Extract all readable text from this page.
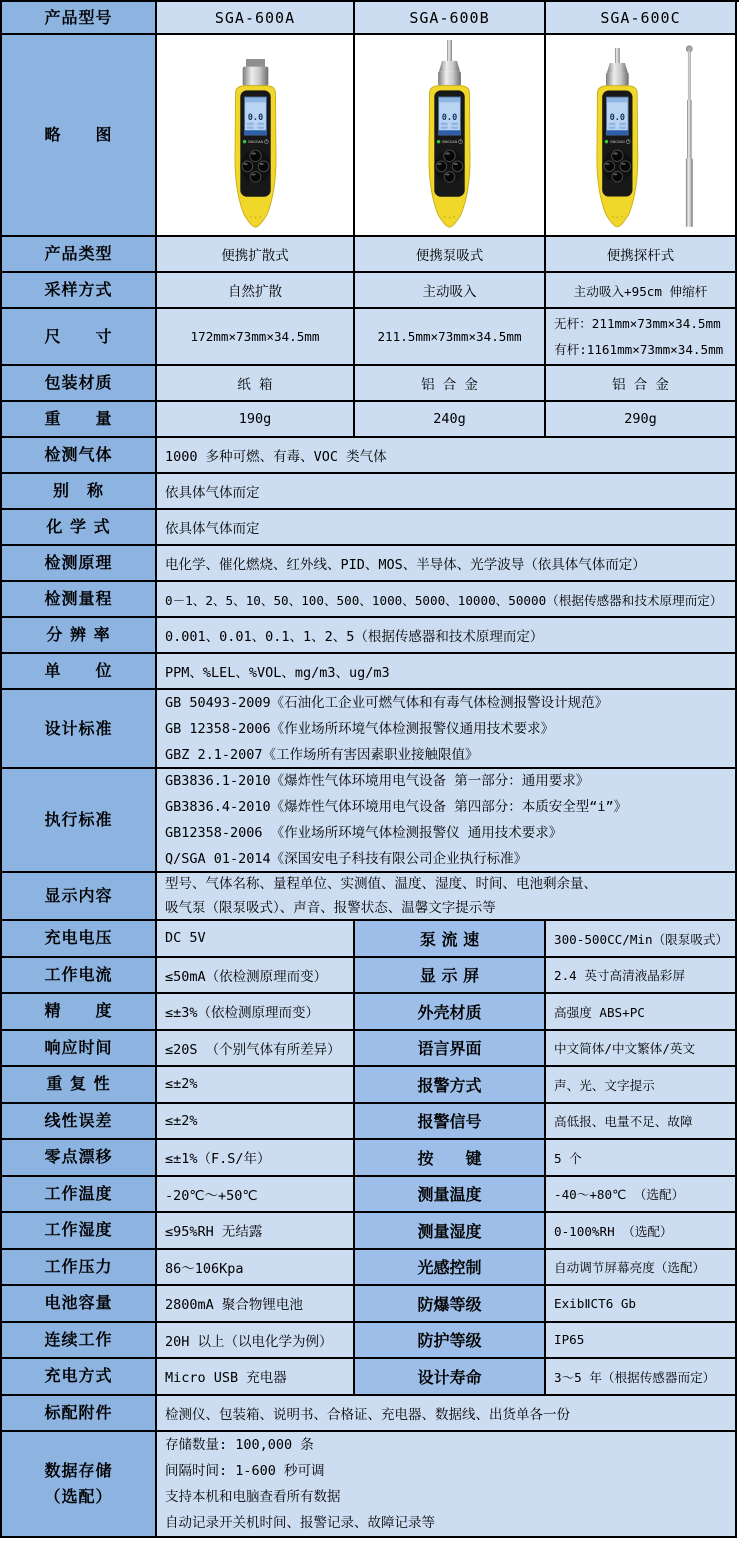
产品型号	SGA-600A	SGA-600B	SGA-600C
略　　图
0.0
SINGOAN
0.0
SINGOAN
0.0
SINGOAN
产品类型	便携扩散式	便携泵吸式	便携探杆式
采样方式	自然扩散	主动吸入	主动吸入+95cm 伸缩杆
尺　　寸	172mm×73mm×34.5mm	211.5mm×73mm×34.5mm
无杆：211mm×73mm×34.5mm
有杆:1161mm×73mm×34.5mm
包装材质	纸 箱	铝 合 金	铝 合 金
重　　量	190g	240g	290g
检测气体	1000 多种可燃、有毒、VOC 类气体
别　称	依具体气体而定
化 学 式	依具体气体而定
检测原理	电化学、催化燃烧、红外线、PID、MOS、半导体、光学波导（依具体气体而定）
检测量程	0－1、2、5、10、50、100、500、1000、5000、10000、50000（根据传感器和技术原理而定）
分 辨 率	0.001、0.01、0.1、1、2、5（根据传感器和技术原理而定）
单　　位	PPM、%LEL、%VOL、mg/m3、ug/m3
设计标准
GB 50493-2009《石油化工企业可燃气体和有毒气体检测报警设计规范》
GB 12358-2006《作业场所环境气体检测报警仪通用技术要求》
GBZ 2.1-2007《工作场所有害因素职业接触限值》
执行标准
GB3836.1-2010《爆炸性气体环境用电气设备 第一部分：通用要求》
GB3836.4-2010《爆炸性气体环境用电气设备 第四部分：本质安全型“i”》
GB12358-2006 《作业场所环境气体检测报警仪 通用技术要求》
Q/SGA 01-2014《深国安电子科技有限公司企业执行标准》
显示内容
型号、气体名称、量程单位、实测值、温度、湿度、时间、电池剩余量、
吸气泵（限泵吸式）、声音、报警状态、温馨文字提示等
充电电压	DC 5V	泵 流 速	300-500CC/Min（限泵吸式）
工作电流	≤50mA（依检测原理而变）	显 示 屏	2.4 英寸高清液晶彩屏
精　　度	≤±3%（依检测原理而变）	外壳材质	高强度 ABS+PC
响应时间	≤20S （个别气体有所差异）	语言界面	中文简体/中文繁体/英文
重 复 性	≤±2%	报警方式	声、光、文字提示
线性误差	≤±2%	报警信号	高低报、电量不足、故障
零点漂移	≤±1%（F.S/年）	按　　键	5 个
工作温度	-20℃～+50℃	测量温度	-40～+80℃ （选配）
工作湿度	≤95%RH 无结露	测量湿度	0-100%RH （选配）
工作压力	86～106Kpa	光感控制	自动调节屏幕亮度（选配）
电池容量	2800mA 聚合物锂电池	防爆等级	ExibⅡCT6 Gb
连续工作	20H 以上（以电化学为例）	防护等级	IP65
充电方式	Micro USB 充电器	设计寿命	3～5 年（根据传感器而定）
标配附件	检测仪、包装箱、说明书、合格证、充电器、数据线、出货单各一份
数据存储
（选配）
存储数量: 100,000 条
间隔时间: 1-600 秒可调
支持本机和电脑查看所有数据
自动记录开关机时间、报警记录、故障记录等
